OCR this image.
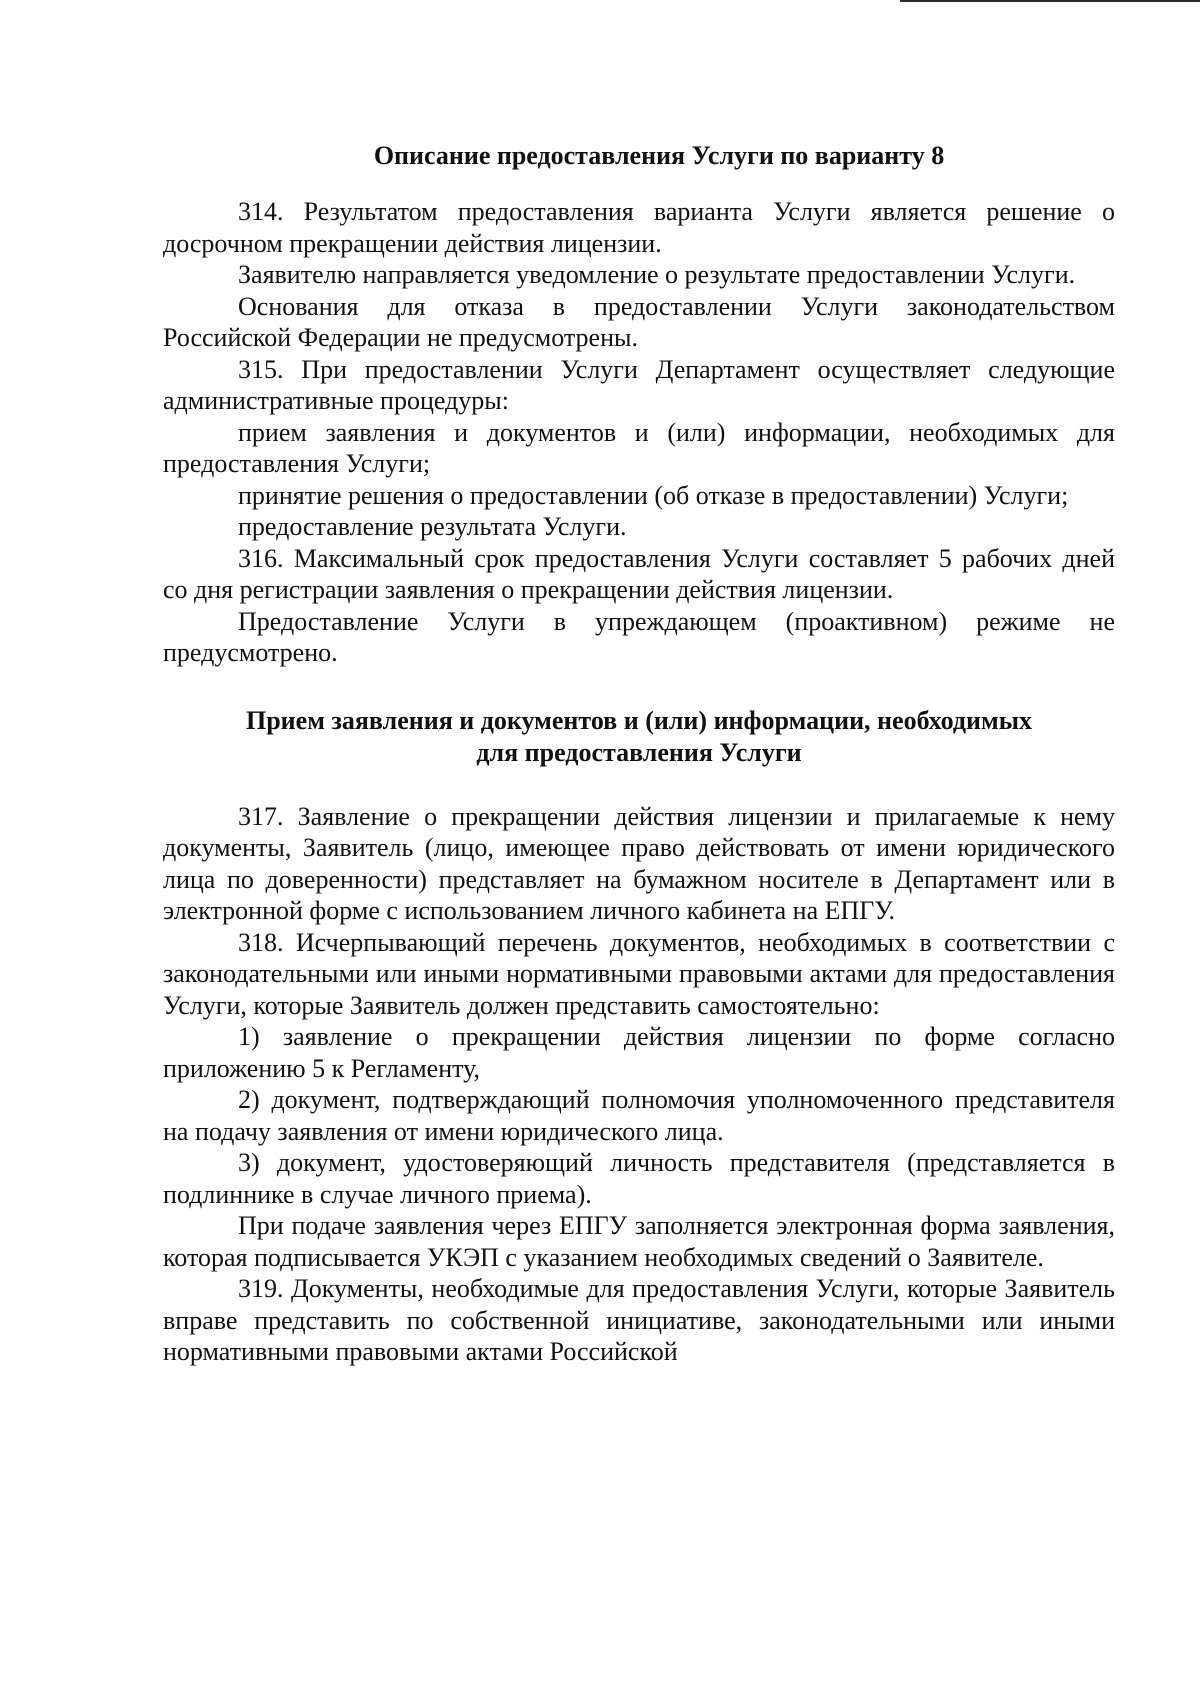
Описание предоставления Услуги по варианту 8

314. Результатом предоставления варианта Услуги является решение о досрочном прекращении действия лицензии.

Заявителю направляется уведомление о результате предоставлении Услуги.

Основания для отказа в предоставлении Услуги законодательством Российской Федерации не предусмотрены.

315. При предоставлении Услуги Департамент осуществляет следующие административные процедуры:

прием заявления и документов и (или) информации, необходимых для предоставления Услуги;

принятие решения о предоставлении (об отказе в предоставлении) Услуги;

предоставление результата Услуги.

316. Максимальный срок предоставления Услуги составляет 5 рабочих дней со дня регистрации заявления о прекращении действия лицензии.

Предоставление Услуги в упреждающем (проактивном) режиме не предусмотрено.

Прием заявления и документов и (или) информации, необходимых
для предоставления Услуги

317. Заявление о прекращении действия лицензии и прилагаемые к нему документы, Заявитель (лицо, имеющее право действовать от имени юридического лица по доверенности) представляет на бумажном носителе в Департамент или в электронной форме с использованием личного кабинета на ЕПГУ.

318. Исчерпывающий перечень документов, необходимых в соответствии с законодательными или иными нормативными правовыми актами для предоставления Услуги, которые Заявитель должен представить самостоятельно:

1) заявление о прекращении действия лицензии по форме согласно приложению 5 к Регламенту,

2) документ, подтверждающий полномочия уполномоченного представителя на подачу заявления от имени юридического лица.

3) документ, удостоверяющий личность представителя (представляется в подлиннике в случае личного приема).

При подаче заявления через ЕПГУ заполняется электронная форма заявления, которая подписывается УКЭП с указанием необходимых сведений о Заявителе.

319. Документы, необходимые для предоставления Услуги, которые Заявитель вправе представить по собственной инициативе, законодательными или иными нормативными правовыми актами Российской
